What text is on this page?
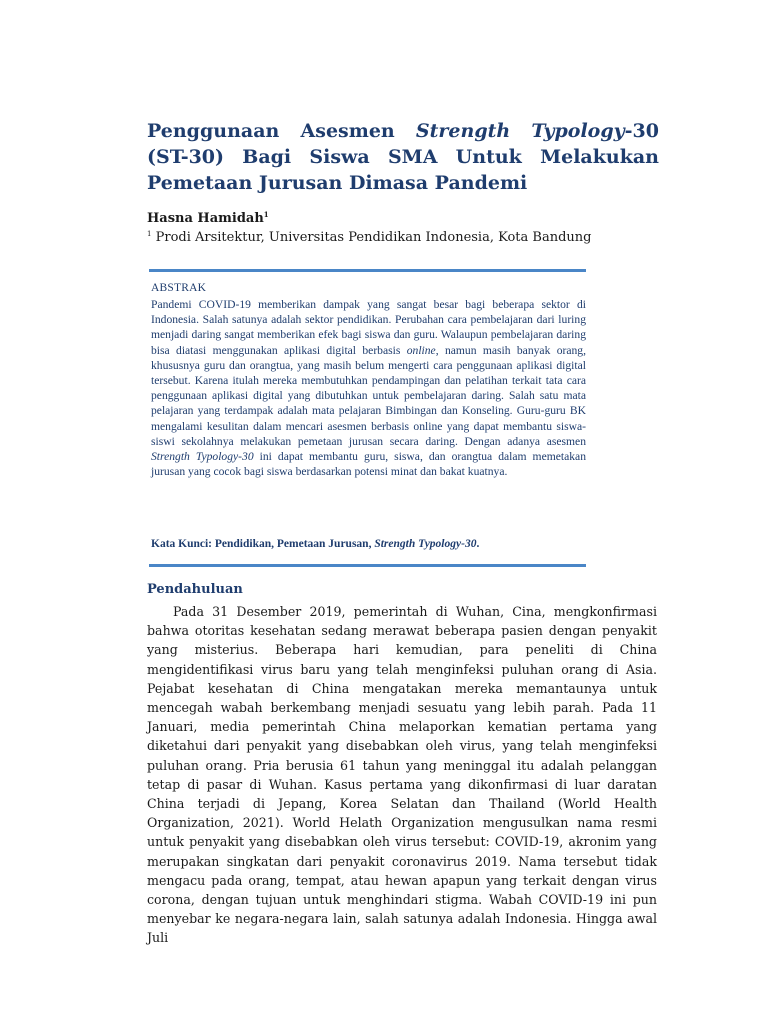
Penggunaan Asesmen Strength Typology-30 (ST-30) Bagi Siswa SMA Untuk Melakukan Pemetaan Jurusan Dimasa Pandemi
Hasna Hamidah$^1$
$^1$ Prodi Arsitektur, Universitas Pendidikan Indonesia, Kota Bandung
ABSTRAK

Pandemi COVID-19 memberikan dampak yang sangat besar bagi beberapa sektor di Indonesia. Salah satunya adalah sektor pendidikan. Perubahan cara pembelajaran dari luring menjadi daring sangat memberikan efek bagi siswa dan guru. Walaupun pembelajaran daring bisa diatasi menggunakan aplikasi digital berbasis online, namun masih banyak orang, khususnya guru dan orangtua, yang masih belum mengerti cara penggunaan aplikasi digital tersebut. Karena itulah mereka membutuhkan pendampingan dan pelatihan terkait tata cara penggunaan aplikasi digital yang dibutuhkan untuk pembelajaran daring. Salah satu mata pelajaran yang terdampak adalah mata pelajaran Bimbingan dan Konseling. Guru-guru BK mengalami kesulitan dalam mencari asesmen berbasis online yang dapat membantu siswa-siswi sekolahnya melakukan pemetaan jurusan secara daring. Dengan adanya asesmen Strength Typology-30 ini dapat membantu guru, siswa, dan orangtua dalam memetakan jurusan yang cocok bagi siswa berdasarkan potensi minat dan bakat kuatnya.

Kata Kunci: Pendidikan, Pemetaan Jurusan, Strength Typology-30.
Pendahuluan

Pada 31 Desember 2019, pemerintah di Wuhan, Cina, mengkonfirmasi bahwa otoritas kesehatan sedang merawat beberapa pasien dengan penyakit yang misterius. Beberapa hari kemudian, para peneliti di China mengidentifikasi virus baru yang telah menginfeksi puluhan orang di Asia. Pejabat kesehatan di China mengatakan mereka memantaunya untuk mencegah wabah berkembang menjadi sesuatu yang lebih parah. Pada 11 Januari, media pemerintah China melaporkan kematian pertama yang diketahui dari penyakit yang disebabkan oleh virus, yang telah menginfeksi puluhan orang. Pria berusia 61 tahun yang meninggal itu adalah pelanggan tetap di pasar di Wuhan. Kasus pertama yang dikonfirmasi di luar daratan China terjadi di Jepang, Korea Selatan dan Thailand (World Health Organization, 2021). World Helath Organization mengusulkan nama resmi untuk penyakit yang disebabkan oleh virus tersebut: COVID-19, akronim yang merupakan singkatan dari penyakit coronavirus 2019. Nama tersebut tidak mengacu pada orang, tempat, atau hewan apapun yang terkait dengan virus corona, dengan tujuan untuk menghindari stigma. Wabah COVID-19 ini pun menyebar ke negara-negara lain, salah satunya adalah Indonesia. Hingga awal Juli
